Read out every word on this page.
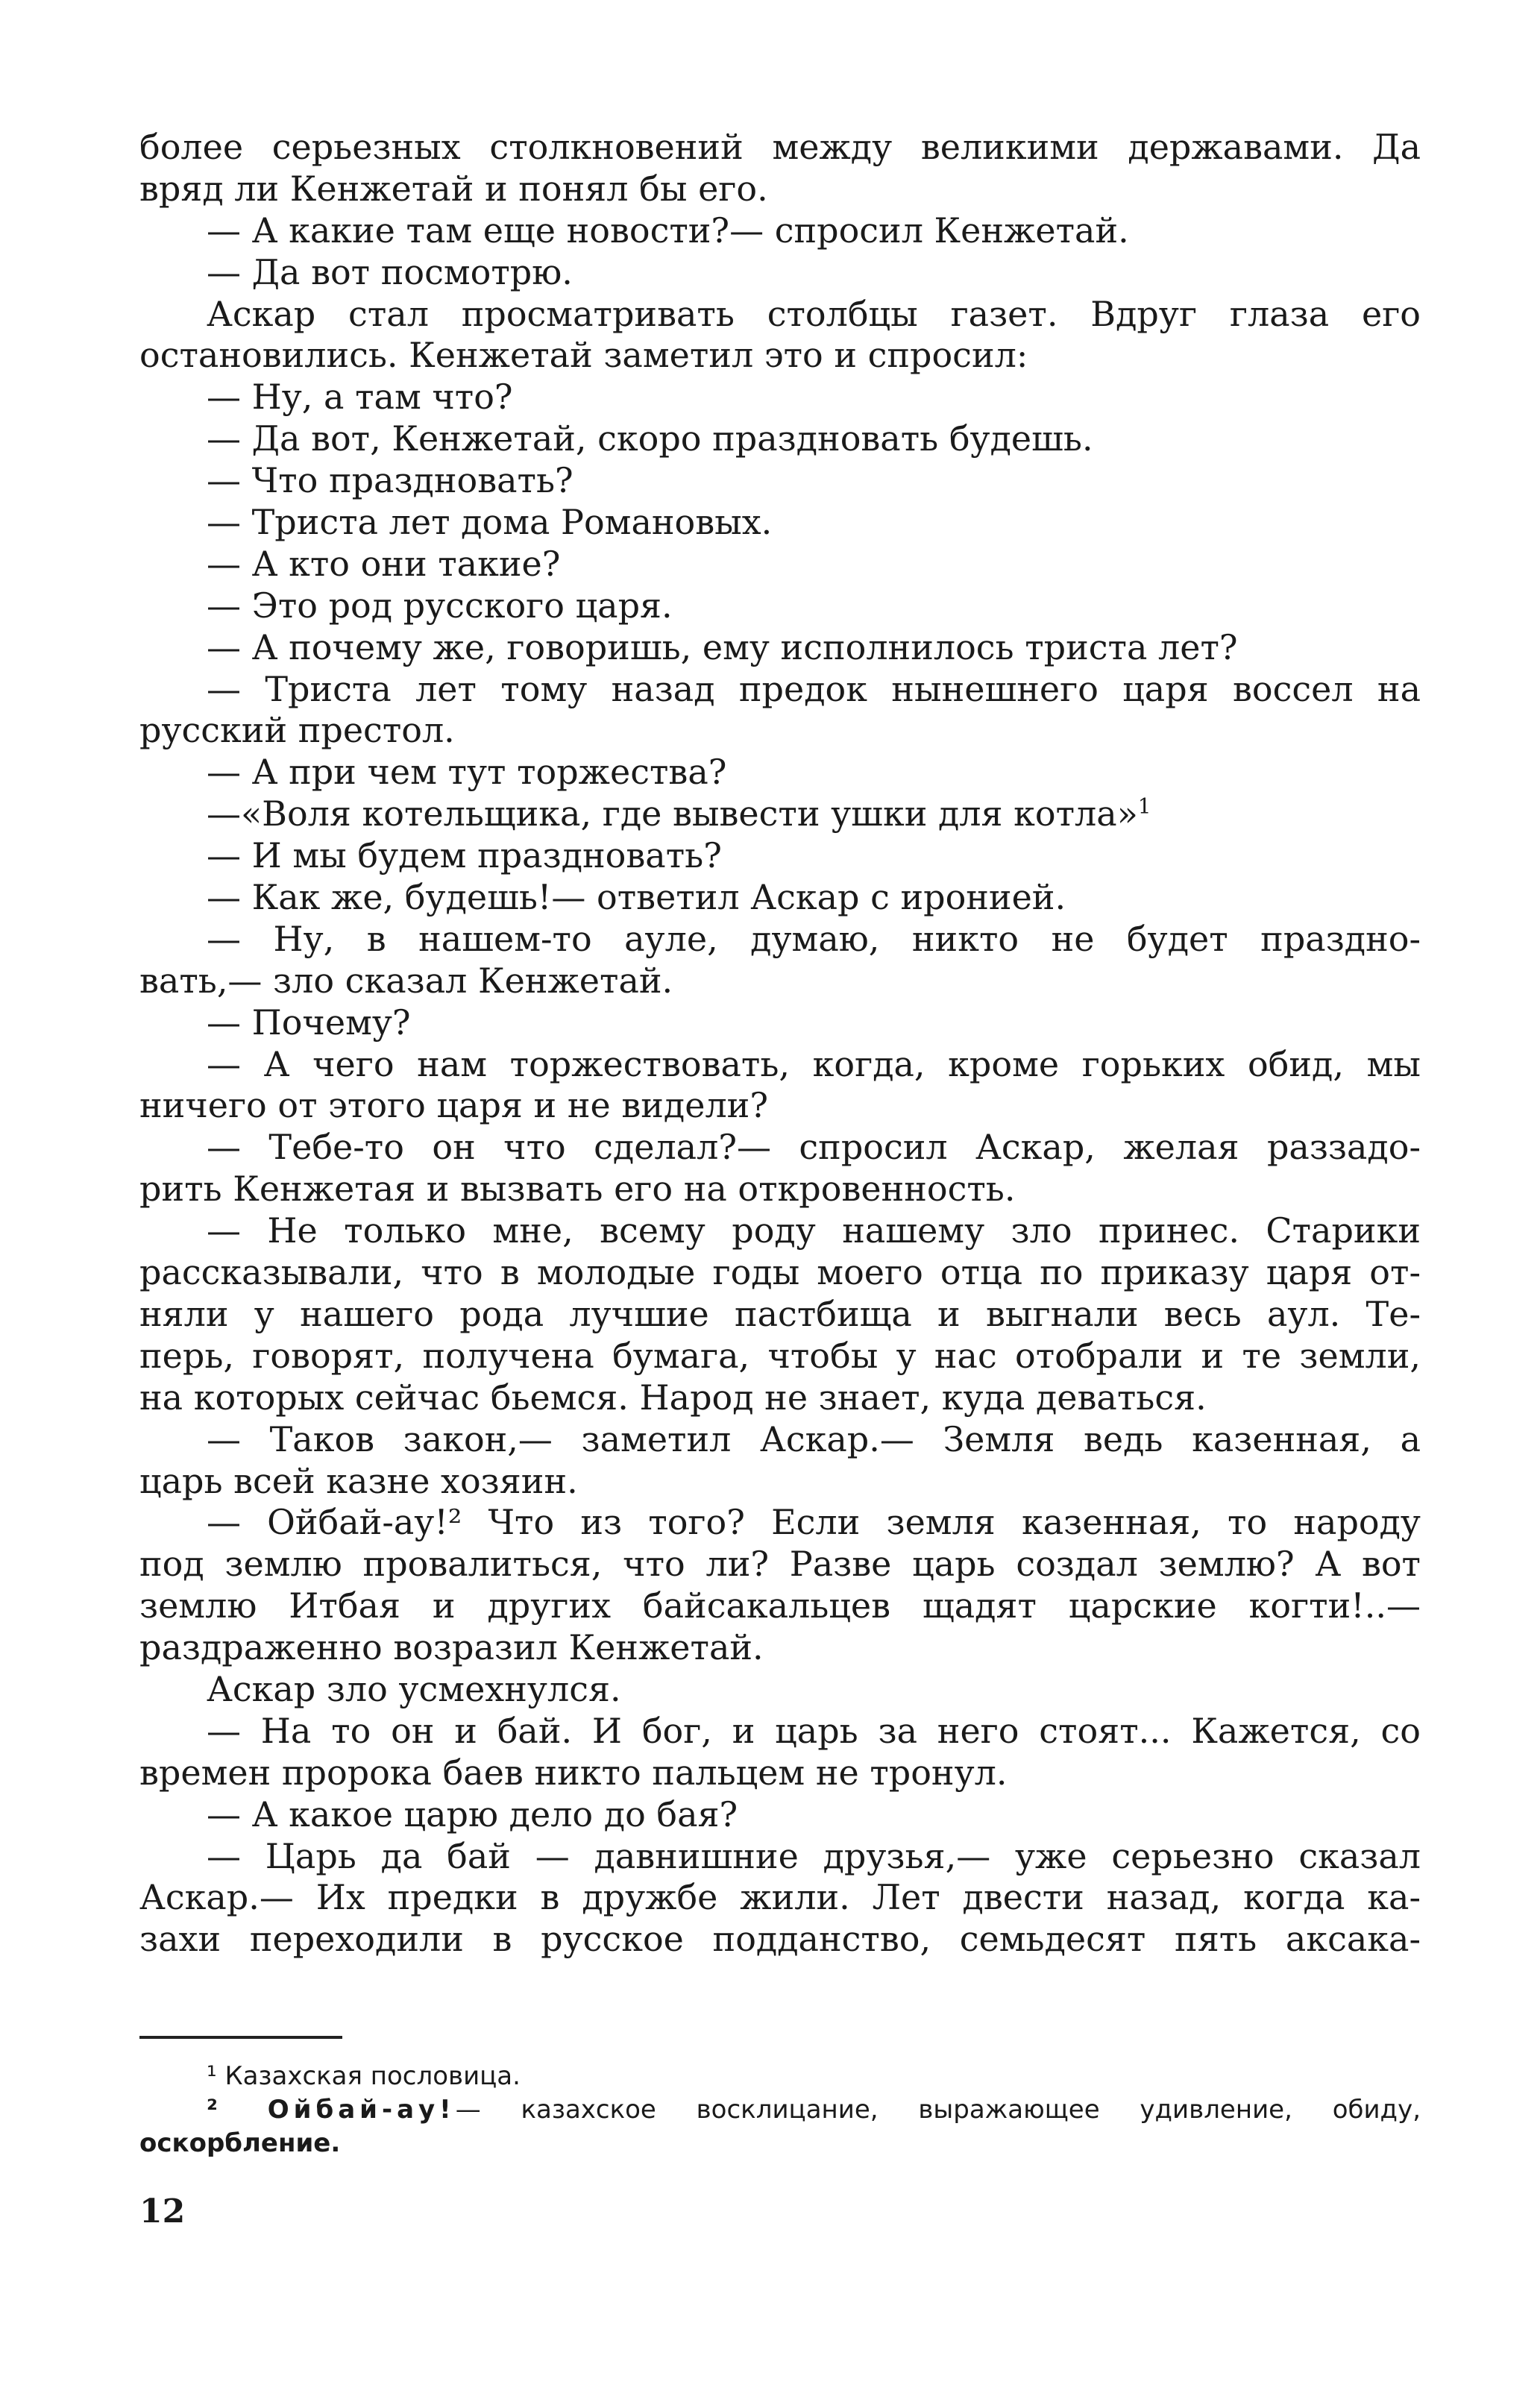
более серьезных столкновений между великими державами. Да
вряд ли Кенжетай и понял бы его.
— А какие там еще новости?— спросил Кенжетай.
— Да вот посмотрю.
Аскар стал просматривать столбцы газет. Вдруг глаза его
остановились. Кенжетай заметил это и спросил:
— Ну, а там что?
— Да вот, Кенжетай, скоро праздновать будешь.
— Что праздновать?
— Триста лет дома Романовых.
— А кто они такие?
— Это род русского царя.
— А почему же, говоришь, ему исполнилось триста лет?
— Триста лет тому назад предок нынешнего царя воссел на
русский престол.
— А при чем тут торжества?
—«Воля котельщика, где вывести ушки для котла»$^1$
— И мы будем праздновать?
— Как же, будешь!— ответил Аскар с иронией.
— Ну, в нашем-то ауле, думаю, никто не будет праздно-
вать,— зло сказал Кенжетай.
— Почему?
— А чего нам торжествовать, когда, кроме горьких обид, мы
ничего от этого царя и не видели?
— Тебе-то он что сделал?— спросил Аскар, желая раззадо-
рить Кенжетая и вызвать его на откровенность.
— Не только мне, всему роду нашему зло принес. Старики
рассказывали, что в молодые годы моего отца по приказу царя от-
няли у нашего рода лучшие пастбища и выгнали весь аул. Те-
перь, говорят, получена бумага, чтобы у нас отобрали и те земли,
на которых сейчас бьемся. Народ не знает, куда деваться.
— Таков закон,— заметил Аскар.— Земля ведь казенная, а
царь всей казне хозяин.
— Ойбай-ау!² Что из того? Если земля казенная, то народу
под землю провалиться, что ли? Разве царь создал землю? А вот
землю Итбая и других байсакальцев щадят царские когти!..—
раздраженно возразил Кенжетай.
Аскар зло усмехнулся.
— На то он и бай. И бог, и царь за него стоят... Кажется, со
времен пророка баев никто пальцем не тронул.
— А какое царю дело до бая?
— Царь да бай — давнишние друзья,— уже серьезно сказал
Аскар.— Их предки в дружбе жили. Лет двести назад, когда ка-
захи переходили в русское подданство, семьдесят пять аксака-
¹ Казахская пословица.
² Ойбай-ау!— казахское восклицание, выражающее удивление, обиду,
оскорбление.
12
